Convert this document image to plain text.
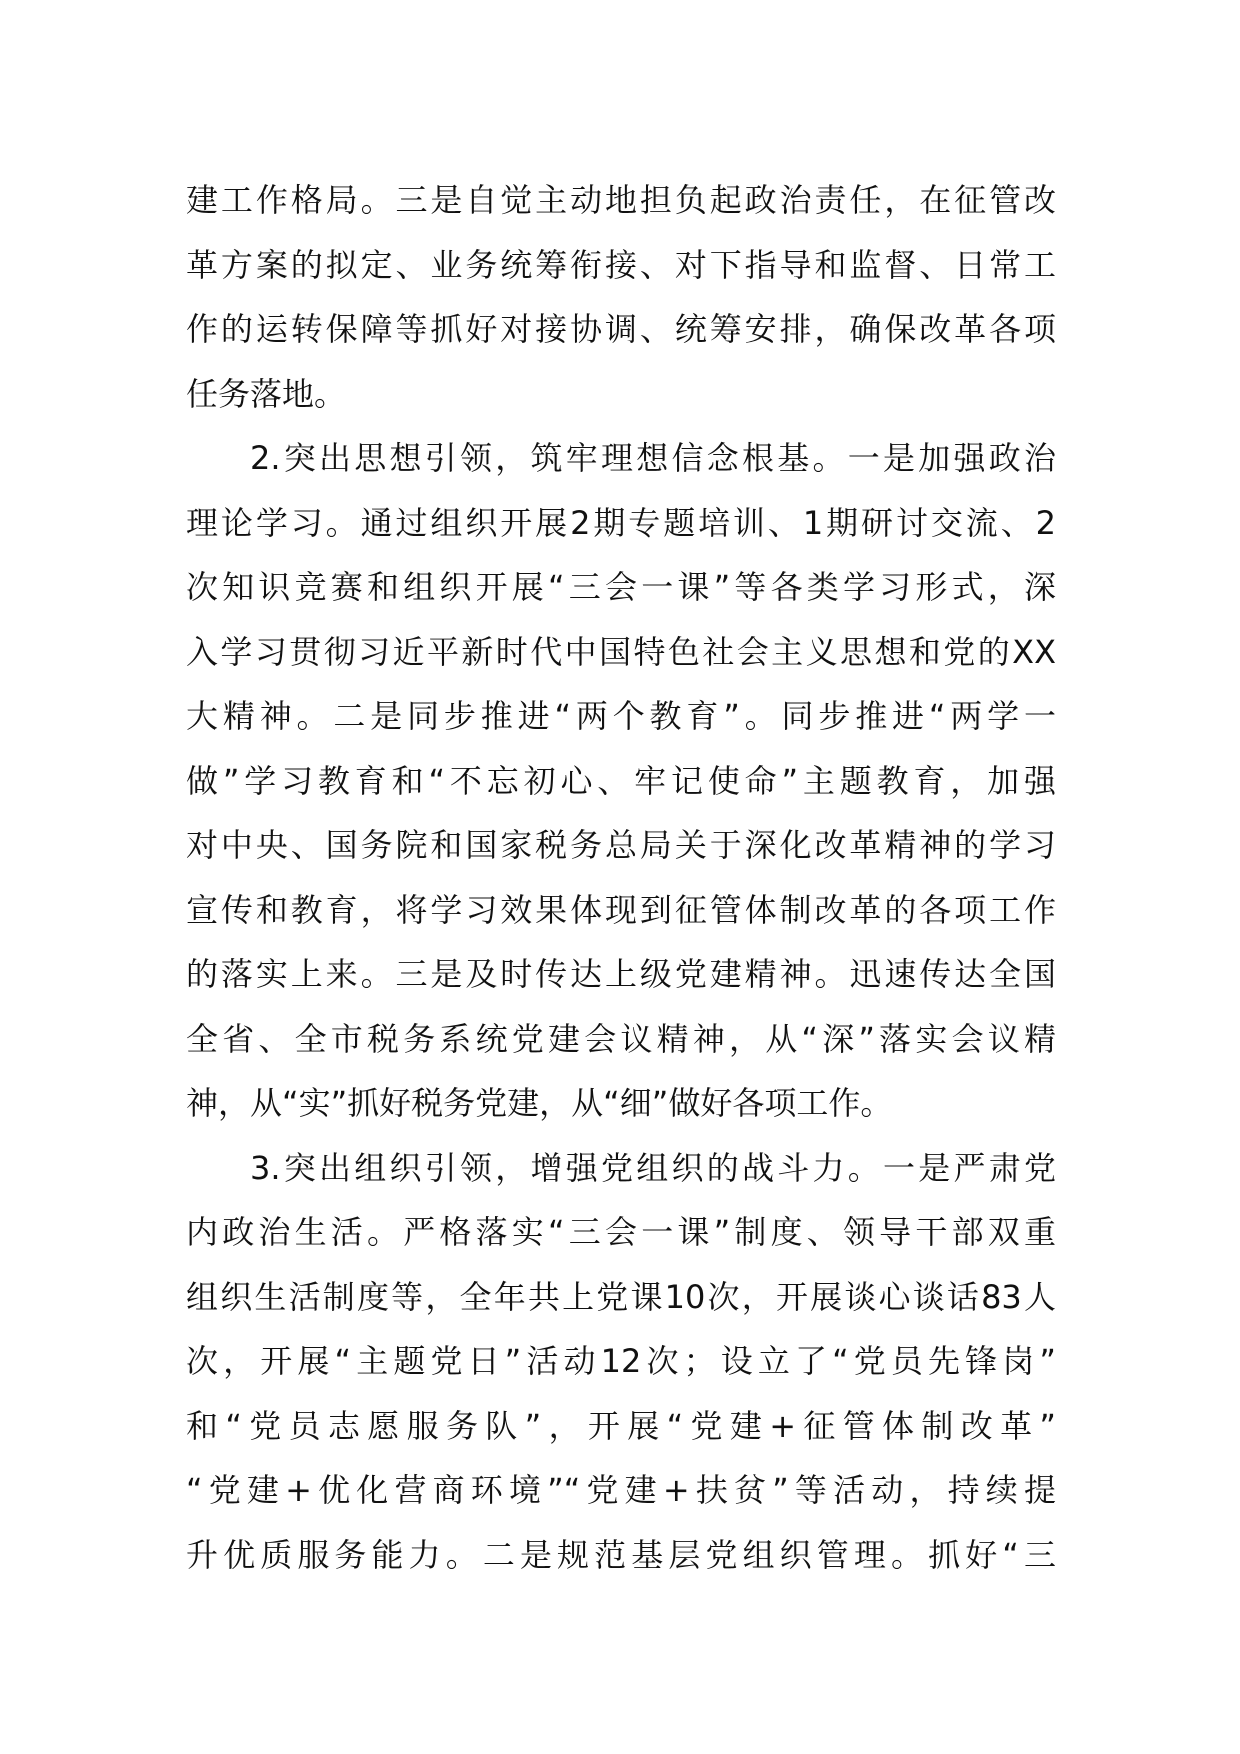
建工作格局。三是自觉主动地担负起政治责任，在征管改
革方案的拟定、业务统筹衔接、对下指导和监督、日常工
作的运转保障等抓好对接协调、统筹安排，确保改革各项
任务落地。
2.突出思想引领，筑牢理想信念根基。一是加强政治
理论学习。通过组织开展2期专题培训、1期研讨交流、2
次知识竞赛和组织开展“三会一课”等各类学习形式，深
入学习贯彻习近平新时代中国特色社会主义思想和党的XX
大精神。二是同步推进“两个教育”。同步推进“两学一
做”学习教育和“不忘初心、牢记使命”主题教育，加强
对中央、国务院和国家税务总局关于深化改革精神的学习
宣传和教育，将学习效果体现到征管体制改革的各项工作
的落实上来。三是及时传达上级党建精神。迅速传达全国
全省、全市税务系统党建会议精神，从“深”落实会议精
神，从“实”抓好税务党建，从“细”做好各项工作。
3.突出组织引领，增强党组织的战斗力。一是严肃党
内政治生活。严格落实“三会一课”制度、领导干部双重
组织生活制度等，全年共上党课10次，开展谈心谈话83人
次，开展“主题党日”活动12次；设立了“党员先锋岗”
和“党员志愿服务队”，开展“党建+征管体制改革”
“党建+优化营商环境”“党建+扶贫”等活动，持续提
升优质服务能力。二是规范基层党组织管理。抓好“三
